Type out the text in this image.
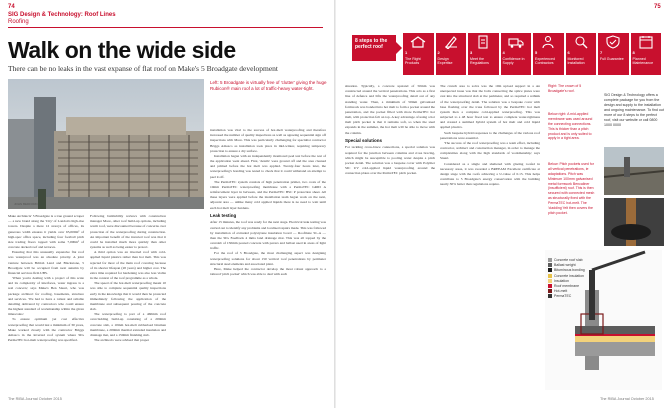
74
SIG Design & Technology: Roof Lines
Roofing
Walk on the wide side
There can be no leaks in the vast expanse of flat roof on Make's 5 Broadgate development
JOHN BEDFORD
Left: 5 Broadgate is virtually free of 'clutter' giving the huge Rubicon® main roof a lot of traffic-heavy water-tight.

Make Architects' 5 Broadgate is a true ground scraper — a new brand along the 'City' of London's high-rise towers. Despite a mere 12 storeys of offices, its generous width ensures it yields over 65,000m² of high-spec office space, including four football pitch size trading floors topped with some 7,000m² of concrete decked roof and terraces.

Ensuring that this unusually expansive flat roof was waterproof was an absolute priority. A joint venture between British Land and Blackstone, 5 Broadgate will be occupied from next autumn by financial services firm UBS.

'When you're dealing with a project of this scale and its complexity of interfaces, water ingress is a real concern,' says Make's Ben Stuart, who was package architect for roofing, basements, structure and services. 'We had to have a robust and reliable detailing delivered by contractors who could ensure the highest standard of workmanship within the given timescales.'

To ensure optimum yet cost effective waterproofing that would last a minimum of 30 years, Make worked closely with the contractor Briggs Amasco in the inverted roof system where SIG PermaTEC hot-melt waterproofing was specified.

Following buildability reviews with construction manager Mace, other roof build-up options, including warm roof, were discounted because of concerns over protection of the waterproofing during construction. An important benefit of the inverted roof was that it could be installed much more quickly than other systems as well as being easier to protect.

A third option was an inverted roof with cold-applied liquid plastics rather than hot melt. This was rejected for most of the main roof covering because of its shorter lifespan (20 years) and higher cost. The extra time required for hardening was also less viable in the context of the roof programme as a whole.

The speed of the hot-melt waterproofing meant 10 was able to complete sequential quality inspections early in the knowledge that it would then be protected immediately following the application of the membrane and subsequent pouring of the concrete slab.

The waterproofing is part of a 460mm roof overcladding build-up consisting of a 200mm concrete slab, a 10mm hot-melt rubberised bitumen membrane, a 200mm thermal extruded insulation and drainage mat, and a 150mm finishing slab.

The architects were advised that proper

installation was vital to the success of hot-melt waterproofing and therefore increased the number of quality inspections as well as agreeing sequential sign off inspections with Mace. This was particularly challenging for specialist contractor Briggs Amasco as installation took place in mid-winter, requiring temporary protection to ensure a dry surface.

Installation began with an independently monitored peel test before the rest of the application went ahead. First, 'details' were ground off and the area cleaned and primed before the hot melt was applied. Twenty-four hours later, the waterproofing's bonding was tested to check that it could withstand an attempt to peel it off.

The PermaTEC system consists of high penetration primer, two coats of the 10mm PermaTEC waterproofing membrane with a PermaTEC GRID A reinforcement layer in between, and the PermaTEC BSC P protection sheet. All these layers were applied before the installation team began work on the next, adjacent area — unlike many cold applied liquids there is no need to wait until each hot melt layer hardens.

Leak testing

After 15 minutes, the roof was ready for the next stage. Electrical leak testing was carried out to identify any problems and localised repairs made. This was followed by installation of extruded polystyrene insulation board — Roofmate SL-A — then the SIG Feedback 4 mma land drainage mat. This was all topped by the overslab of 150mm poured concrete with pavers and ballast used in areas of light traffic.

For the roof of 5 Broadgate, the most challenging aspect was designing waterproofing solutions for about 150 vertical roof penetrations by perimeter structural steel elements and associated plant.

Here, Make helped the contractor develop the most robust approach to a tailored 'pitch pocket' which was able to deal with each

The RIBA Journal October 2015
75
8 steps to the perfect roof
1
The Right Products
2
Design Expertise
3
Meet the Regulations
4
Confidence in Supply
5
Experienced Contractors
6
Monitored Installation
7
Full Guarantee
8
Planned Maintenance
SIG Design & Technology offers a complete package for you from the design and supply to the installation and ongoing maintenance. To find out more of our 8 steps to the perfect roof, visit our website or call 0800 1000 0000

situation. Typically, a concrete upstand of 50mm was constructed around the vertical penetrations. This acts as a first line of defence and lifts the waterproofing detail out of any standing water. Then, a minimum of 50mm galvanised formwork was bonded into hot melt to form a pocket around the penetration, and the pocket filled with more PermaTEC hot melt, with protection felt on top. A key advantage of using a hot melt pitch pocket is that it remains soft, so when the steel expands in the summer, the hot melt will be able to move with the column.

Special solutions

For tackling cross-brace connections, a special solution was required for the junction between columns and cross bracing, which might be susceptible to pooling water despite a pitch pocket detail. The solution was a bespoke cover with Polymer SIC UV cold-applied liquid waterproofing around the connection plates over the PermaTEC pitch pocket.

The crunch area to solve was the 10m upload support in a An unexpected issue was that the bolts connecting the splice plates were cast into the structural slab at the perimeter, and so required a rethink of the waterproofing detail. The solution was a bespoke cover with base flashing over the truss followed by the PermaTEC hot melt system then a complete cold-applied waterproofing. This was subjected to a 48 hour flood test to ensure complete water-tightness and created a summed hybrid system of hot melt and cold liquid applied plastics.

Such bespoke hybrid responses to the challenges of the various roof penetrations were essential.

'The success of the roof waterproofing was a team effort, including contractor, architect and construction manager, in order to manage the complexities along with the high standards of workmanship,' says Stuart.

Considered as a single and sheltered with glazing roofed in necessary areas, it was awarded a BREEAM Excellent certificate at design stage with the roofs achieving a U-value of 0.15. This helps contribute to 5 Broadgate's energy conservation with the building nearly 30% better than regulations require.

Right: The crown of 5 Broadgate's roof.
Below right: A mid-applied membrane was used around the connecting connections. This is thicker than a pitch product and is only suited to apply in a tight area.
Below: Pitch pockets used for all vertical penetrations, ie adaptations. Pitch was Minimum 100mm galvanised metal formwork Bencaliner (insufficient) roof. This is then secured with connected mesh as structurally fixed with the PermaTEC hot-melt. The 'cladding' felt then covers the pitch pocket.
Concrete roof slab
Ballast weight
Bituminous bonding
Concrete insulation
Insulation
Roof membrane
Hot-melt
PermaTEC
The RIBA Journal October 2015
